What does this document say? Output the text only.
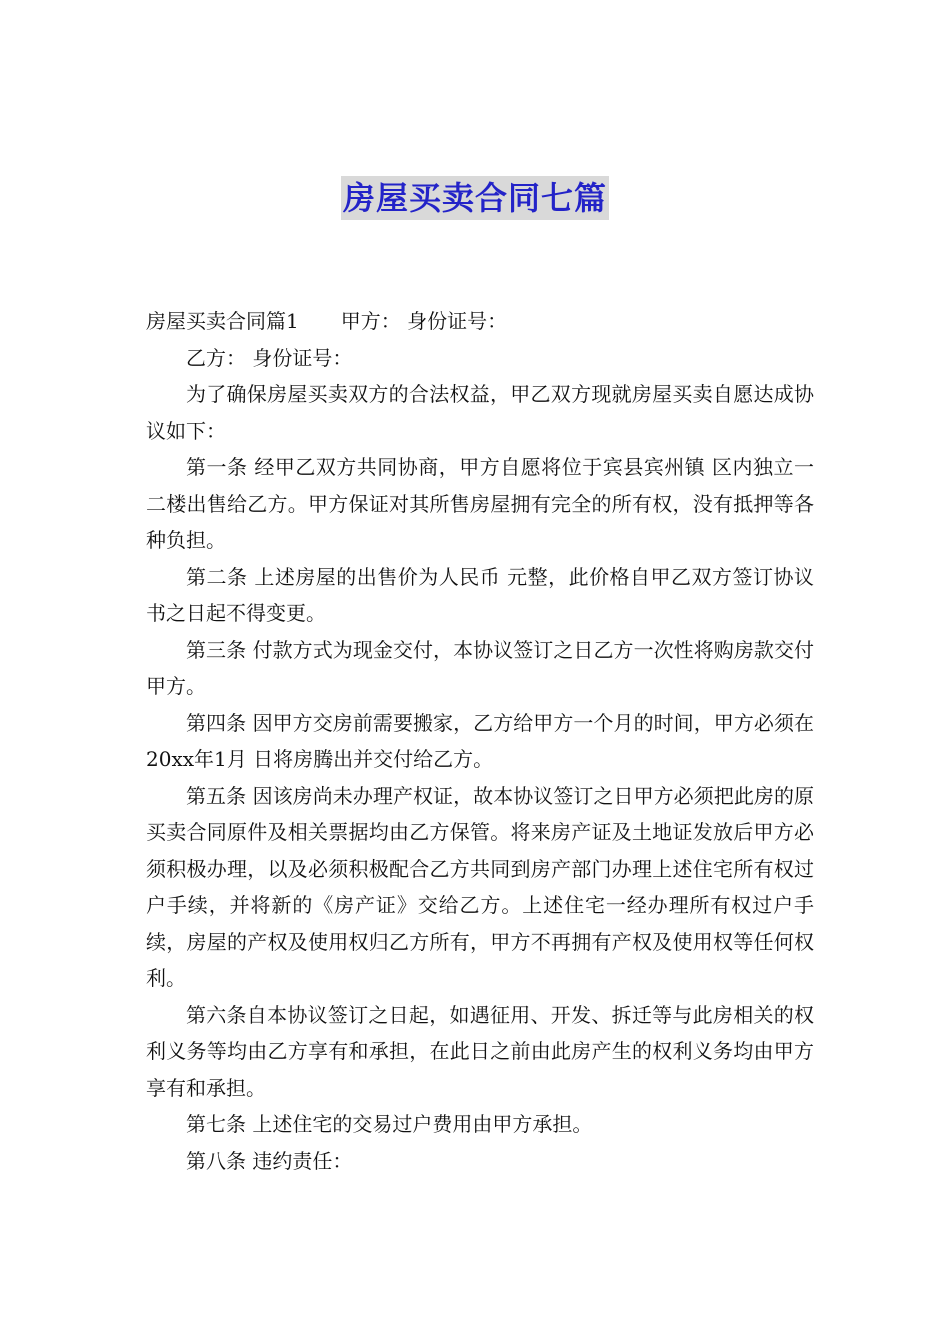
房屋买卖合同七篇

房屋买卖合同篇1 甲方： 身份证号：

乙方： 身份证号：

为了确保房屋买卖双方的合法权益，甲乙双方现就房屋买卖自愿达成协议如下：

第一条 经甲乙双方共同协商，甲方自愿将位于宾县宾州镇 区内独立一二楼出售给乙方。甲方保证对其所售房屋拥有完全的所有权，没有抵押等各种负担。

第二条 上述房屋的出售价为人民币 元整，此价格自甲乙双方签订协议书之日起不得变更。

第三条 付款方式为现金交付，本协议签订之日乙方一次性将购房款交付甲方。

第四条 因甲方交房前需要搬家，乙方给甲方一个月的时间，甲方必须在20xx年1月 日将房腾出并交付给乙方。

第五条 因该房尚未办理产权证，故本协议签订之日甲方必须把此房的原买卖合同原件及相关票据均由乙方保管。将来房产证及土地证发放后甲方必须积极办理，以及必须积极配合乙方共同到房产部门办理上述住宅所有权过户手续，并将新的《房产证》交给乙方。上述住宅一经办理所有权过户手续，房屋的产权及使用权归乙方所有，甲方不再拥有产权及使用权等任何权利。

第六条自本协议签订之日起，如遇征用、开发、拆迁等与此房相关的权利义务等均由乙方享有和承担，在此日之前由此房产生的权利义务均由甲方享有和承担。

第七条 上述住宅的交易过户费用由甲方承担。

第八条 违约责任：
